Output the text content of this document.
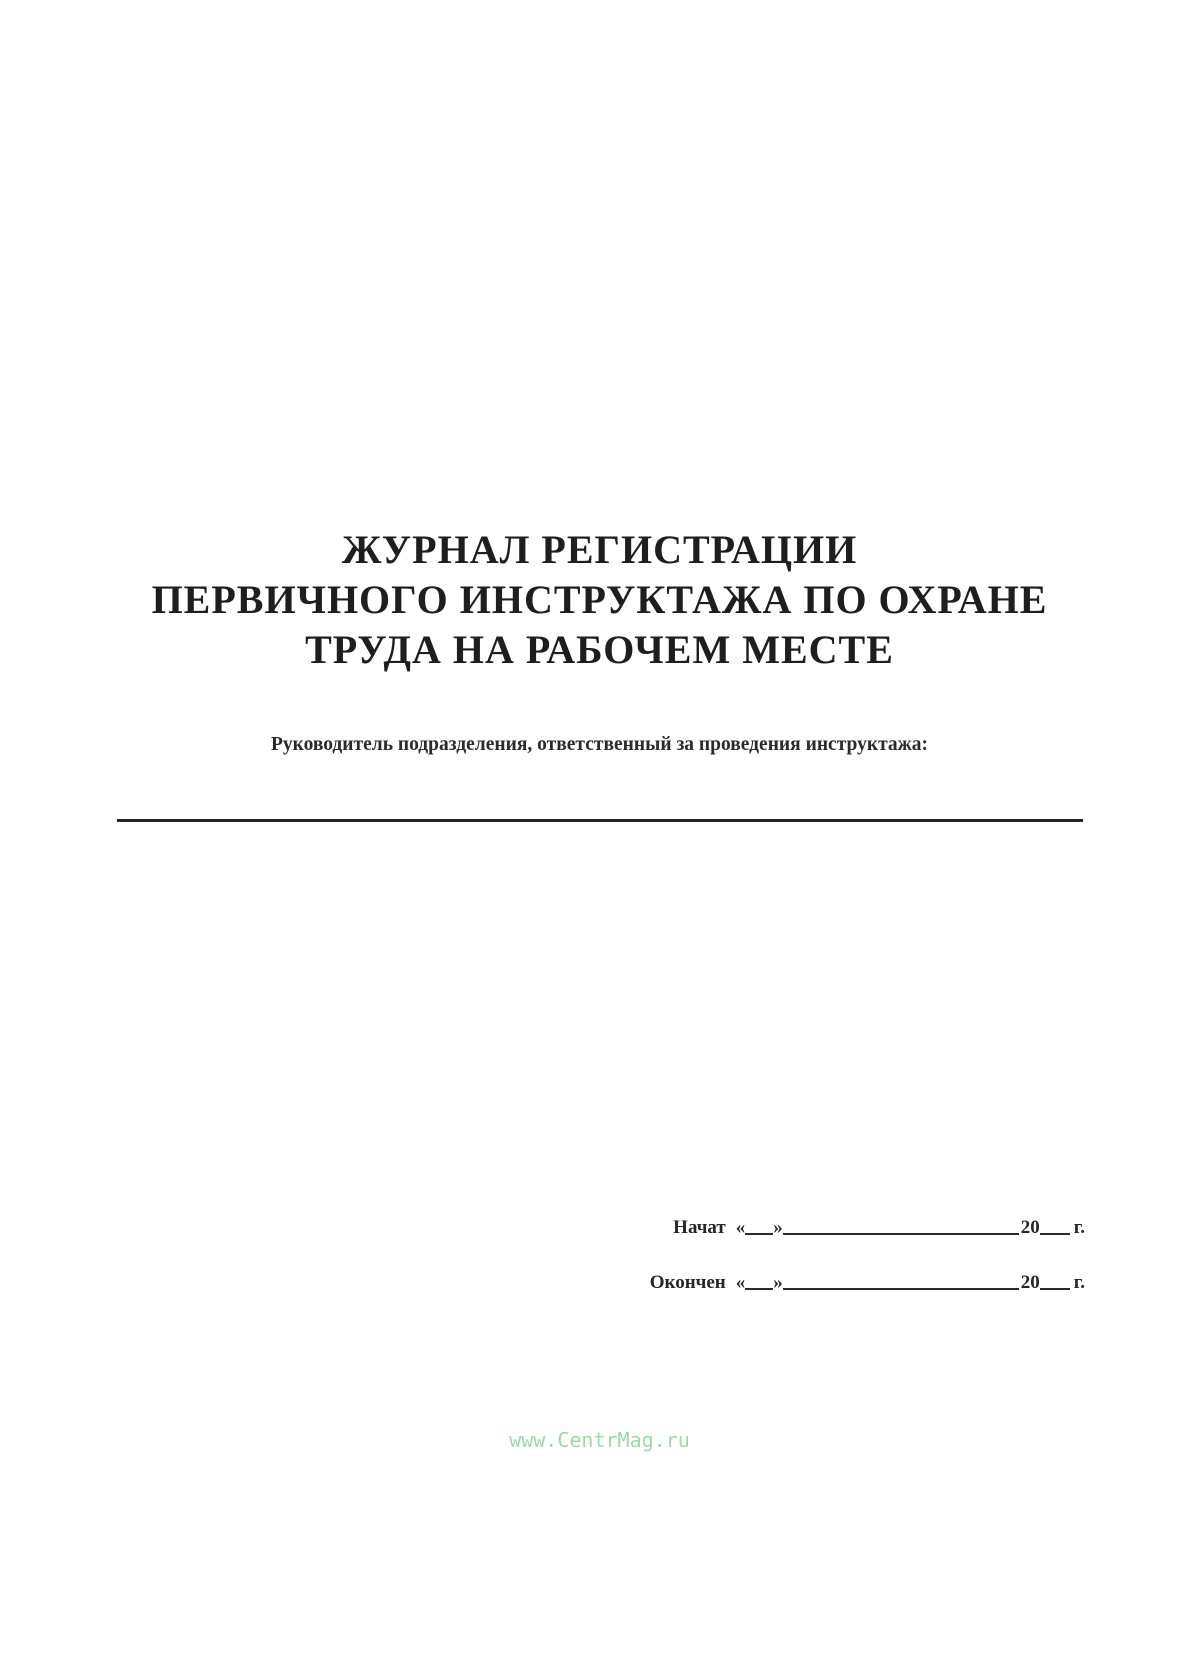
ЖУРНАЛ РЕГИСТРАЦИИ
ПЕРВИЧНОГО ИНСТРУКТАЖА ПО ОХРАНЕ
ТРУДА НА РАБОЧЕМ МЕСТЕ
Руководитель подразделения, ответственный за проведения инструктажа:
Начат « »	20 г.
Окончен « »	20 г.
www.CentrMag.ru
